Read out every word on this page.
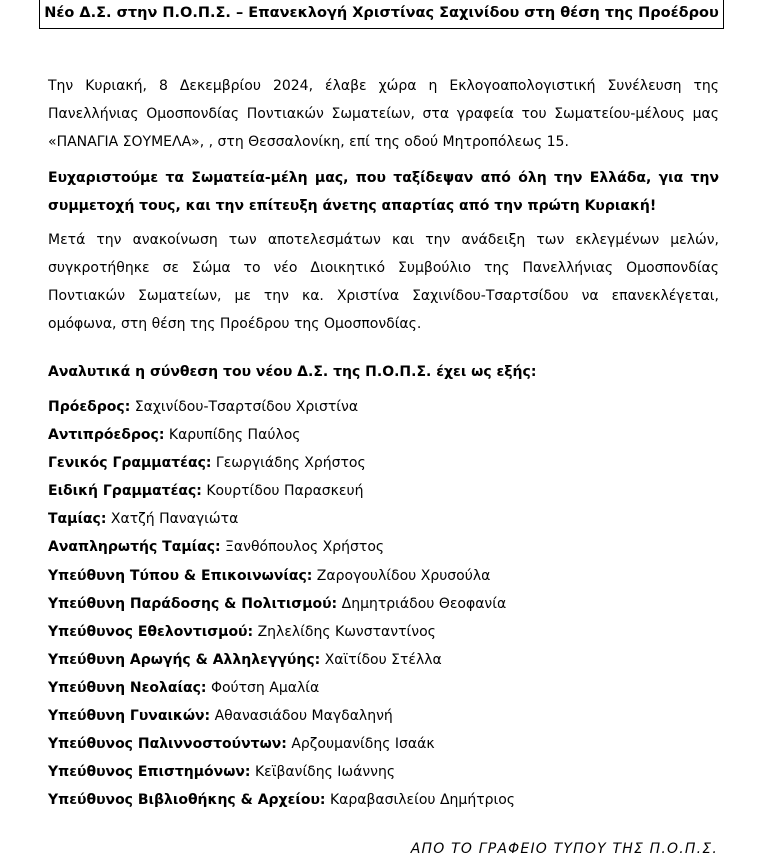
Νέο Δ.Σ. στην Π.Ο.Π.Σ. – Επανεκλογή Χριστίνας Σαχινίδου στη θέση της Προέδρου

Την Κυριακή, 8 Δεκεμβρίου 2024, έλαβε χώρα η Εκλογοαπολογιστική Συνέλευση της Πανελλήνιας Ομοσπονδίας Ποντιακών Σωματείων, στα γραφεία του Σωματείου-μέλους μας «ΠΑΝΑΓΙΑ ΣΟΥΜΕΛΑ», , στη Θεσσαλονίκη, επί της οδού Μητροπόλεως 15.

Ευχαριστούμε τα Σωματεία-μέλη μας, που ταξίδεψαν από όλη την Ελλάδα, για την συμμετοχή τους, και την επίτευξη άνετης απαρτίας από την πρώτη Κυριακή!

Μετά την ανακοίνωση των αποτελεσμάτων και την ανάδειξη των εκλεγμένων μελών, συγκροτήθηκε σε Σώμα το νέο Διοικητικό Συμβούλιο της Πανελλήνιας Ομοσπονδίας Ποντιακών Σωματείων, με την κα. Χριστίνα Σαχινίδου-Τσαρτσίδου να επανεκλέγεται, ομόφωνα, στη θέση της Προέδρου της Ομοσπονδίας.

Αναλυτικά η σύνθεση του νέου Δ.Σ. της Π.Ο.Π.Σ. έχει ως εξής:

Πρόεδρος: Σαχινίδου-Τσαρτσίδου Χριστίνα
Αντιπρόεδρος: Καρυπίδης Παύλος
Γενικός Γραμματέας: Γεωργιάδης Χρήστος
Ειδική Γραμματέας: Κουρτίδου Παρασκευή
Ταμίας: Χατζή Παναγιώτα
Αναπληρωτής Ταμίας: Ξανθόπουλος Χρήστος
Υπεύθυνη Τύπου & Επικοινωνίας: Ζαρογουλίδου Χρυσούλα
Υπεύθυνη Παράδοσης & Πολιτισμού: Δημητριάδου Θεοφανία
Υπεύθυνος Εθελοντισμού: Ζηλελίδης Κωνσταντίνος
Υπεύθυνη Αρωγής & Αλληλεγγύης: Χαϊτίδου Στέλλα
Υπεύθυνη Νεολαίας: Φούτση Αμαλία
Υπεύθυνη Γυναικών: Αθανασιάδου Μαγδαληνή
Υπεύθυνος Παλιννοστούντων: Αρζουμανίδης Ισαάκ
Υπεύθυνος Επιστημόνων: Κεϊβανίδης Ιωάννης
Υπεύθυνος Βιβλιοθήκης & Αρχείου: Καραβασιλείου Δημήτριος
ΑΠΟ ΤΟ ΓΡΑΦΕΙΟ ΤΥΠΟΥ ΤΗΣ Π.Ο.Π.Σ.
